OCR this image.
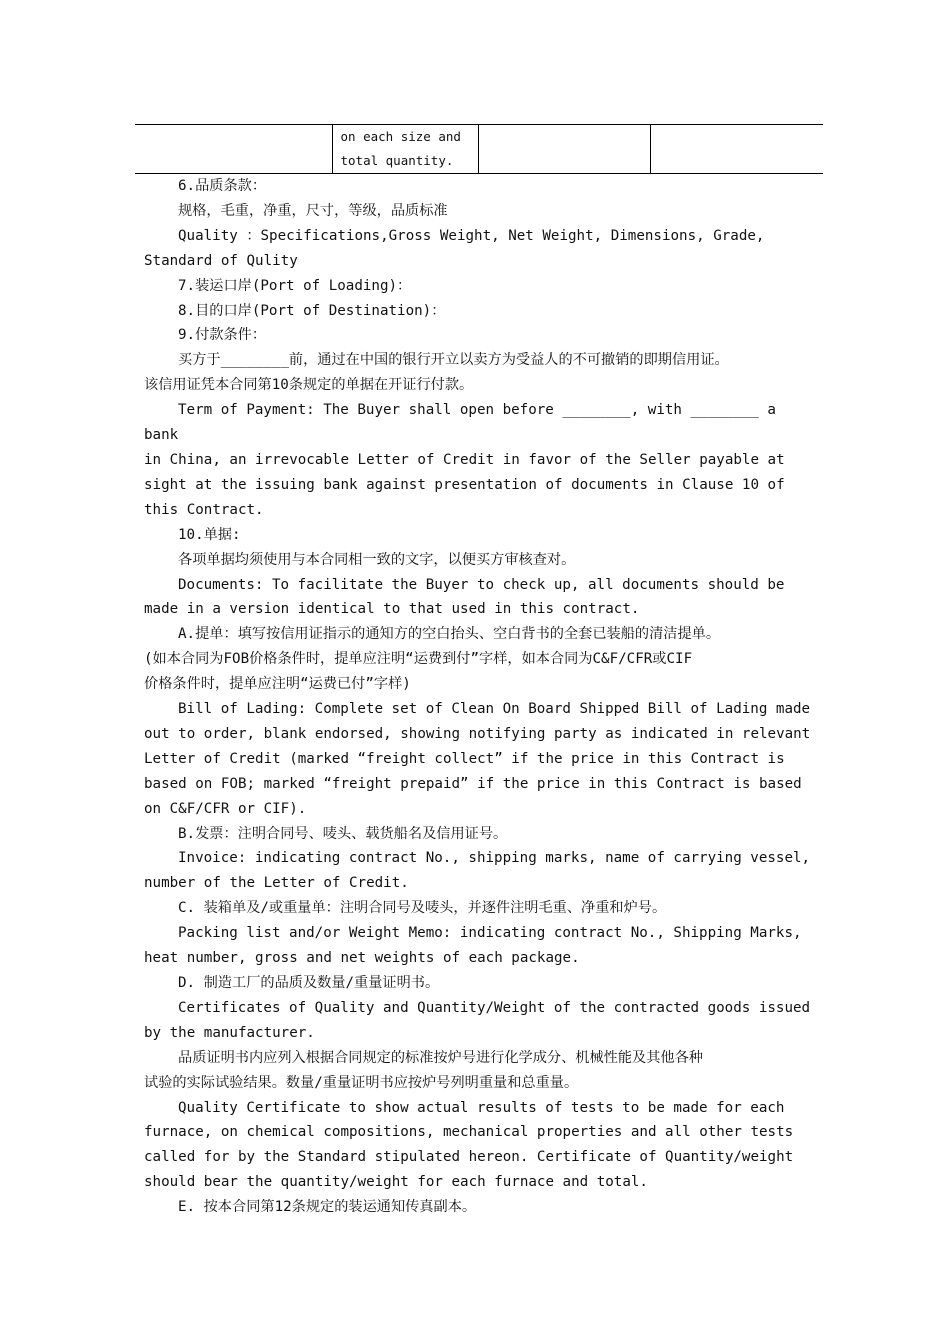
	on each size and
total quantity.		

6.品质条款：

规格，毛重，净重，尺寸，等级，品质标准

Quality ：Specifications,Gross Weight, Net Weight, Dimensions, Grade,
Standard of Qulity

7.装运口岸(Port of Loading)：

8.目的口岸(Port of Destination)：

9.付款条件：

买方于________前，通过在中国的银行开立以卖方为受益人的不可撤销的即期信用证。
该信用证凭本合同第10条规定的单据在开证行付款。

Term of Payment: The Buyer shall open before ________, with ________ a bank
in China, an irrevocable Letter of Credit in favor of the Seller payable at
sight at the issuing bank against presentation of documents in Clause 10 of
this Contract.

10.单据:

各项单据均须使用与本合同相一致的文字，以便买方审核查对。

Documents: To facilitate the Buyer to check up, all documents should be
made in a version identical to that used in this contract.

A.提单：填写按信用证指示的通知方的空白抬头、空白背书的全套已装船的清洁提单。
(如本合同为FOB价格条件时，提单应注明“运费到付”字样，如本合同为C&F/CFR或CIF
价格条件时，提单应注明“运费已付”字样)

Bill of Lading: Complete set of Clean On Board Shipped Bill of Lading made
out to order, blank endorsed, showing notifying party as indicated in relevant
Letter of Credit (marked “freight collect” if the price in this Contract is
based on FOB; marked “freight prepaid” if the price in this Contract is based
on C&F/CFR or CIF).

B.发票：注明合同号、唛头、载货船名及信用证号。

Invoice: indicating contract No., shipping marks, name of carrying vessel,
number of the Letter of Credit.

C. 装箱单及/或重量单：注明合同号及唛头，并逐件注明毛重、净重和炉号。

Packing list and/or Weight Memo: indicating contract No., Shipping Marks,
heat number, gross and net weights of each package.

D. 制造工厂的品质及数量/重量证明书。

Certificates of Quality and Quantity/Weight of the contracted goods issued
by the manufacturer.

品质证明书内应列入根据合同规定的标准按炉号进行化学成分、机械性能及其他各种
试验的实际试验结果。数量/重量证明书应按炉号列明重量和总重量。

Quality Certificate to show actual results of tests to be made for each
furnace, on chemical compositions, mechanical properties and all other tests
called for by the Standard stipulated hereon. Certificate of Quantity/weight
should bear the quantity/weight for each furnace and total.

E. 按本合同第12条规定的装运通知传真副本。
